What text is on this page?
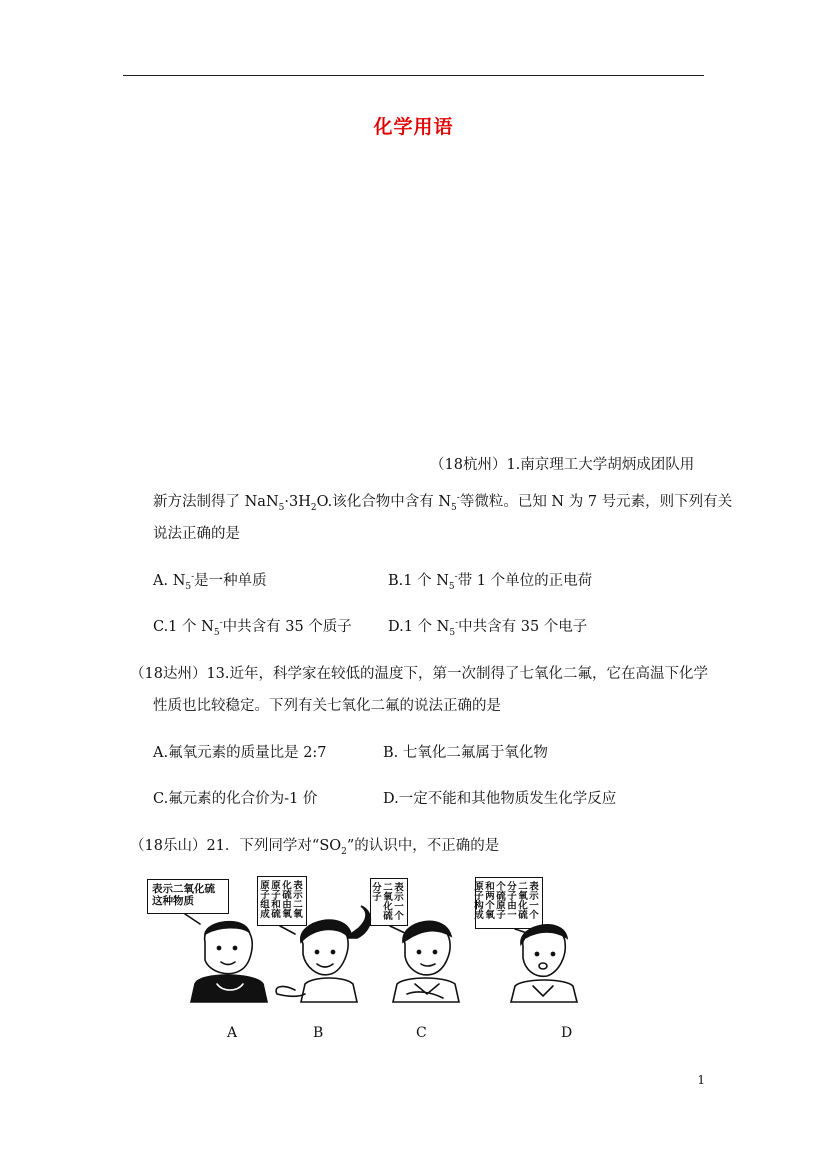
化学用语
（18杭州）1.南京理工大学胡炳成团队用
新方法制得了 $NaN_5\cdot 3H_2O$.该化合物中含有 $N_5^-$等微粒。已知 N 为 7 号元素，则下列有关
说法正确的是
A. $N_5^-$是一种单质	B.1 个 $N_5^-$带 1 个单位的正电荷
C.1 个 $N_5^-$中共含有 35 个质子 D.1 个 $N_5^-$中共含有 35 个电子
（18达州）13.近年，科学家在较低的温度下，第一次制得了七氧化二氟，它在高温下化学
性质也比较稳定。下列有关七氧化二氟的说法正确的是
A.氟氧元素的质量比是 2:7	B. 七氧化二氟属于氧化物
C.氟元素的化合价为-1 价	D.一定不能和其他物质发生化学反应
（18乐山）21．下列同学对“$SO_2$”的认识中，不正确的是
表示二氧化硫这种物质	表示二氧化硫由氧原子和硫原子组成	表示一个二氧化硫分子	表示一个二氧化硫分子由一个硫原子和两个氧原子构成
A	B	C	D
1
